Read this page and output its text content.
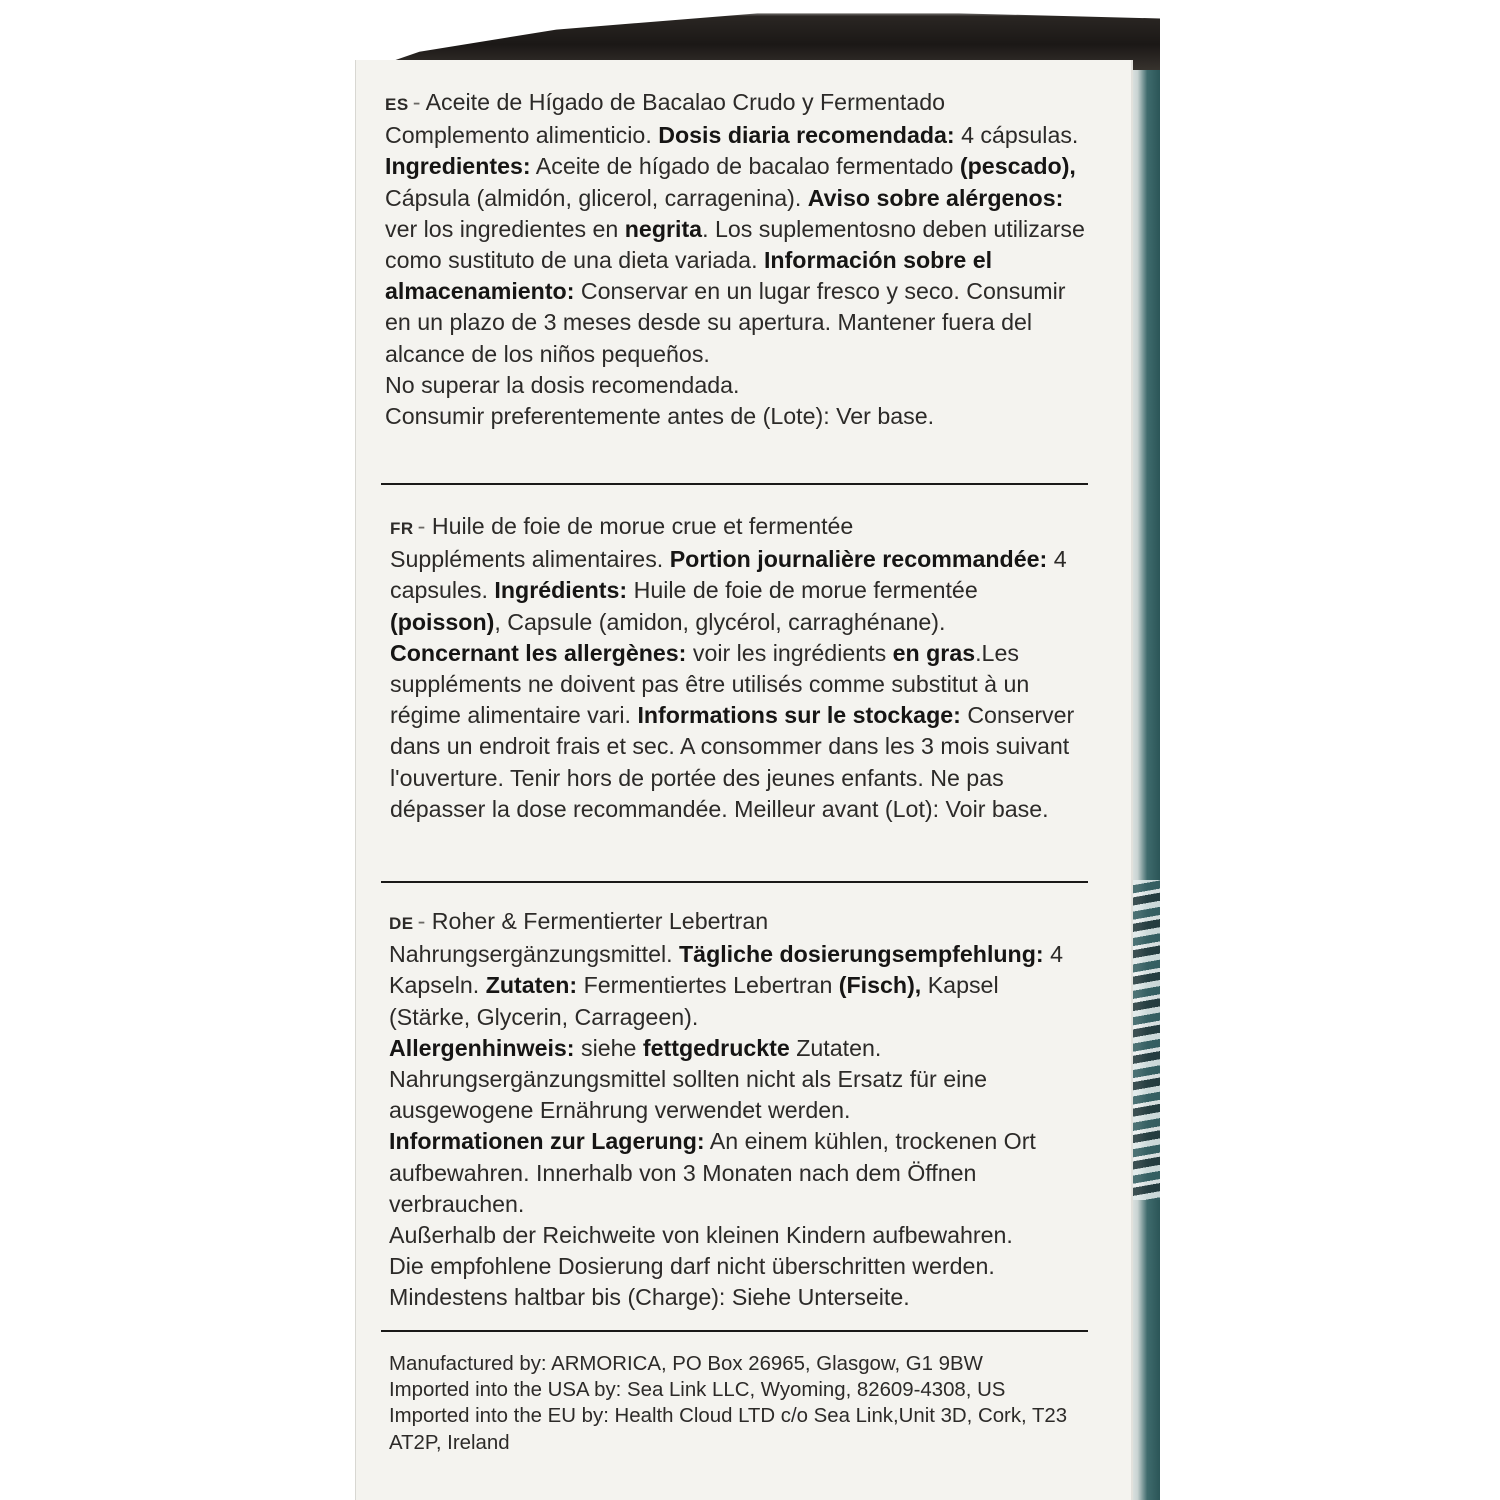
ES - Aceite de Hígado de Bacalao Crudo y Fermentado

Complemento alimenticio. Dosis diaria recomendada: 4 cápsulas. Ingredientes: Aceite de hígado de bacalao fermentado (pescado), Cápsula (almidón, glicerol, carragenina). Aviso sobre alérgenos: ver los ingredientes en negrita. Los suplementosno deben utilizarse como sustituto de una dieta variada. Información sobre el almacenamiento: Conservar en un lugar fresco y seco. Consumir en un plazo de 3 meses desde su apertura. Mantener fuera del alcance de los niños pequeños.

No superar la dosis recomendada.

Consumir preferentemente antes de (Lote): Ver base.

FR - Huile de foie de morue crue et fermentée

Suppléments alimentaires. Portion journalière recommandée: 4 capsules. Ingrédients: Huile de foie de morue fermentée (poisson), Capsule (amidon, glycérol, carraghénane). Concernant les allergènes: voir les ingrédients en gras.Les suppléments ne doivent pas être utilisés comme substitut à un régime alimentaire vari. Informations sur le stockage: Conserver dans un endroit frais et sec. A consommer dans les 3 mois suivant l'ouverture. Tenir hors de portée des jeunes enfants. Ne pas dépasser la dose recommandée. Meilleur avant (Lot): Voir base.

DE - Roher & Fermentierter Lebertran

Nahrungsergänzungsmittel. Tägliche dosierungsempfehlung: 4 Kapseln. Zutaten: Fermentiertes Lebertran (Fisch), Kapsel (Stärke, Glycerin, Carrageen).

Allergenhinweis: siehe fettgedruckte Zutaten.

Nahrungsergänzungsmittel sollten nicht als Ersatz für eine ausgewogene Ernährung verwendet werden.

Informationen zur Lagerung: An einem kühlen, trockenen Ort aufbewahren. Innerhalb von 3 Monaten nach dem Öffnen verbrauchen.

Außerhalb der Reichweite von kleinen Kindern aufbewahren.

Die empfohlene Dosierung darf nicht überschritten werden.

Mindestens haltbar bis (Charge): Siehe Unterseite.

Manufactured by: ARMORICA, PO Box 26965, Glasgow, G1 9BW

Imported into the USA by: Sea Link LLC, Wyoming, 82609-4308, US

Imported into the EU by: Health Cloud LTD c/o Sea Link,Unit 3D, Cork, T23 AT2P, Ireland
